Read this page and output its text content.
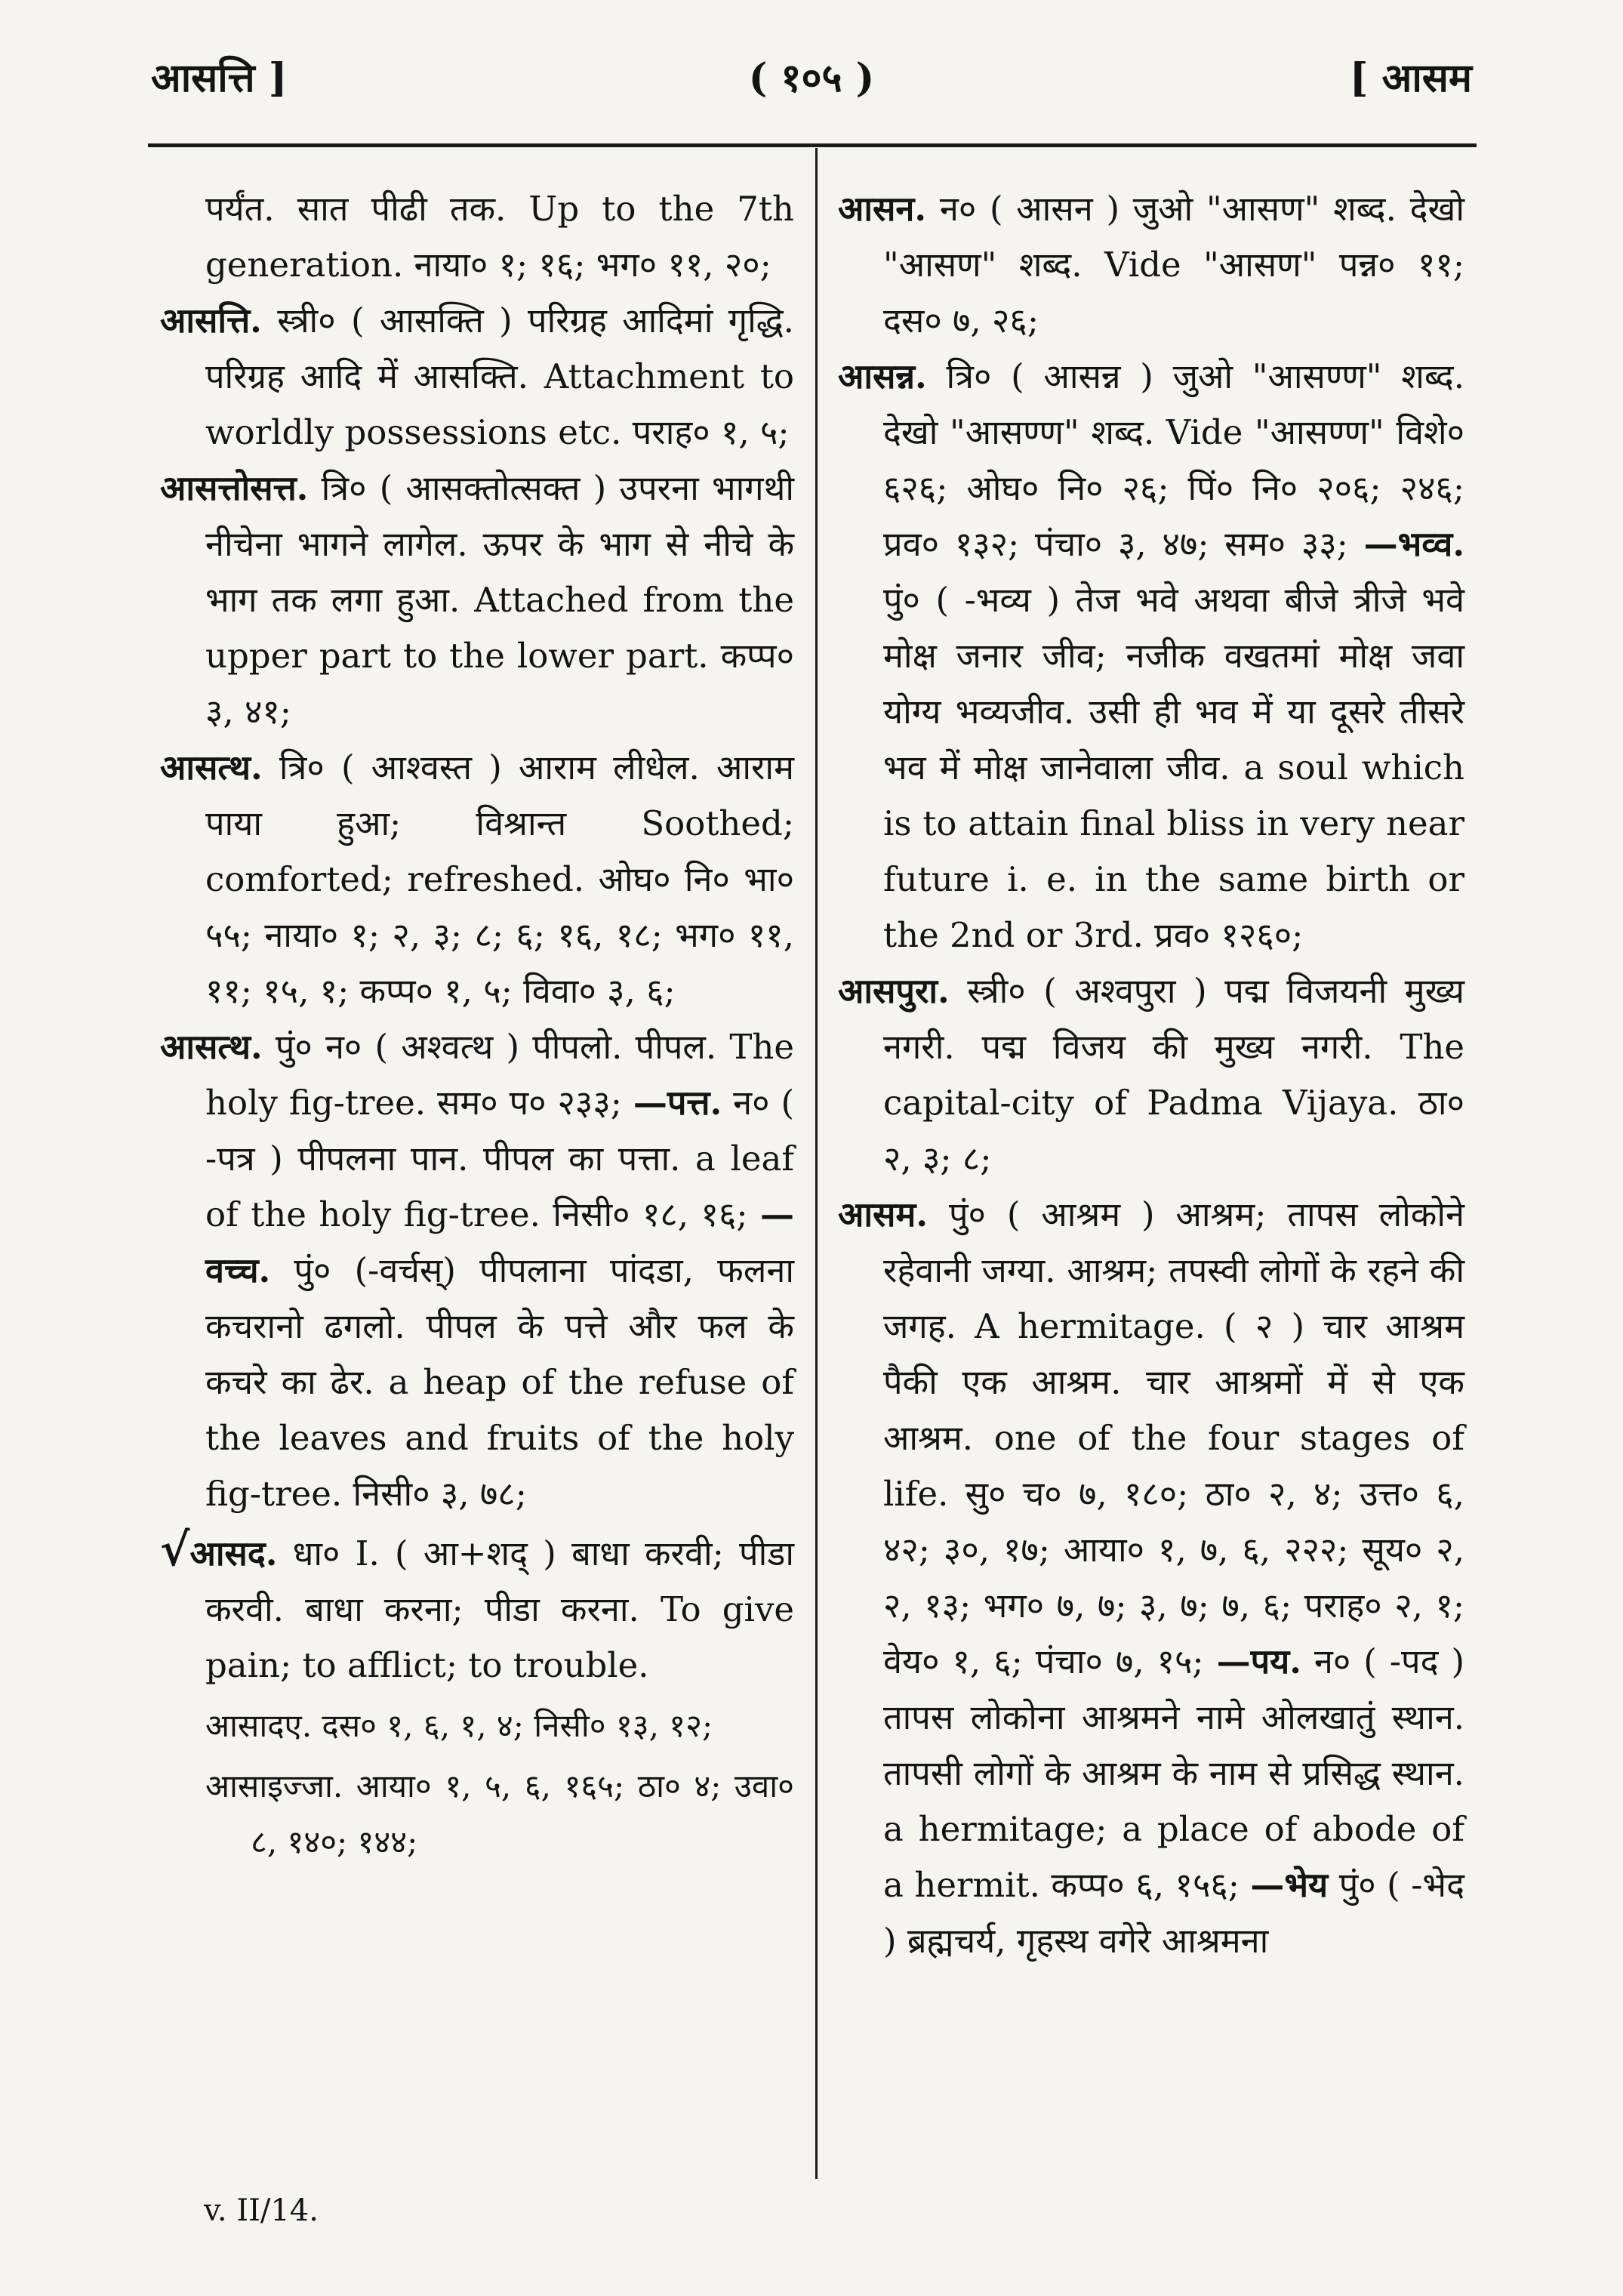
आसत्ति ]	( १०५ )	[ आसम

पर्यंत. सात पीढी तक. Up to the 7th generation. नाया० १; १६; भग० ११, २०;

आसत्ति. स्त्री० ( आसक्ति ) परिग्रह आदिमां गृद्धि. परिग्रह आदि में आसक्ति. Attachment to worldly possessions etc. पराह० १, ५;

आसत्तोसत्त. त्रि० ( आसक्तोत्सक्त ) उपरना भागथी नीचेना भागने लागेल. ऊपर के भाग से नीचे के भाग तक लगा हुआ. Attached from the upper part to the lower part. कप्प० ३, ४१;

आसत्थ. त्रि० ( आश्वस्त ) आराम लीधेल. आराम पाया हुआ; विश्रान्त Soothed; comforted; refreshed. ओघ० नि० भा० ५५; नाया० १; २, ३; ८; ६; १६, १८; भग० ११, ११; १५, १; कप्प० १, ५; विवा० ३, ६;

आसत्थ. पुं० न० ( अश्वत्थ ) पीपलो. पीपल. The holy fig-tree. सम० प० २३३; —पत्त. न० ( -पत्र ) पीपलना पान. पीपल का पत्ता. a leaf of the holy fig-tree. निसी० १८, १६; —वच्च. पुं० (-वर्चस्) पीपलाना पांदडा, फलना कचरानो ढगलो. पीपल के पत्ते और फल के कचरे का ढेर. a heap of the refuse of the leaves and fruits of the holy fig-tree. निसी० ३, ७८;

√आसद. धा० I. ( आ+शद् ) बाधा करवी; पीडा करवी. बाधा करना; पीडा करना. To give pain; to afflict; to trouble.

आसादए. दस० १, ६, १, ४; निसी० १३, १२;

आसाइज्जा. आया० १, ५, ६, १६५; ठा० ४; उवा० ८, १४०; १४४;

आसन. न० ( आसन ) जुओ "आसण" शब्द. देखो "आसण" शब्द. Vide "आसण" पन्न० ११; दस० ७, २६;

आसन्न. त्रि० ( आसन्न ) जुओ "आसण्ण" शब्द. देखो "आसण्ण" शब्द. Vide "आसण्ण" विशे० ६२६; ओघ० नि० २६; पिं० नि० २०६; २४६; प्रव० १३२; पंचा० ३, ४७; सम० ३३; —भव्व. पुं० ( -भव्य ) तेज भवे अथवा बीजे त्रीजे भवे मोक्ष जनार जीव; नजीक वखतमां मोक्ष जवा योग्य भव्यजीव. उसी ही भव में या दूसरे तीसरे भव में मोक्ष जानेवाला जीव. a soul which is to attain final bliss in very near future i. e. in the same birth or the 2nd or 3rd. प्रव० १२६०;

आसपुरा. स्त्री० ( अश्वपुरा ) पद्म विजयनी मुख्य नगरी. पद्म विजय की मुख्य नगरी. The capital-city of Padma Vijaya. ठा० २, ३; ८;

आसम. पुं० ( आश्रम ) आश्रम; तापस लोकोने रहेवानी जग्या. आश्रम; तपस्वी लोगों के रहने की जगह. A hermitage. ( २ ) चार आश्रम पैकी एक आश्रम. चार आश्रमों में से एक आश्रम. one of the four stages of life. सु० च० ७, १८०; ठा० २, ४; उत्त० ६, ४२; ३०, १७; आया० १, ७, ६, २२२; सूय० २, २, १३; भग० ७, ७; ३, ७; ७, ६; पराह० २, १; वेय० १, ६; पंचा० ७, १५; —पय. न० ( -पद ) तापस लोकोना आश्रमने नामे ओलखातुं स्थान. तापसी लोगों के आश्रम के नाम से प्रसिद्ध स्थान. a hermitage; a place of abode of a hermit. कप्प० ६, १५६; —भेय पुं० ( -भेद ) ब्रह्मचर्य, गृहस्थ वगेरे आश्रमना

v. II/14.
